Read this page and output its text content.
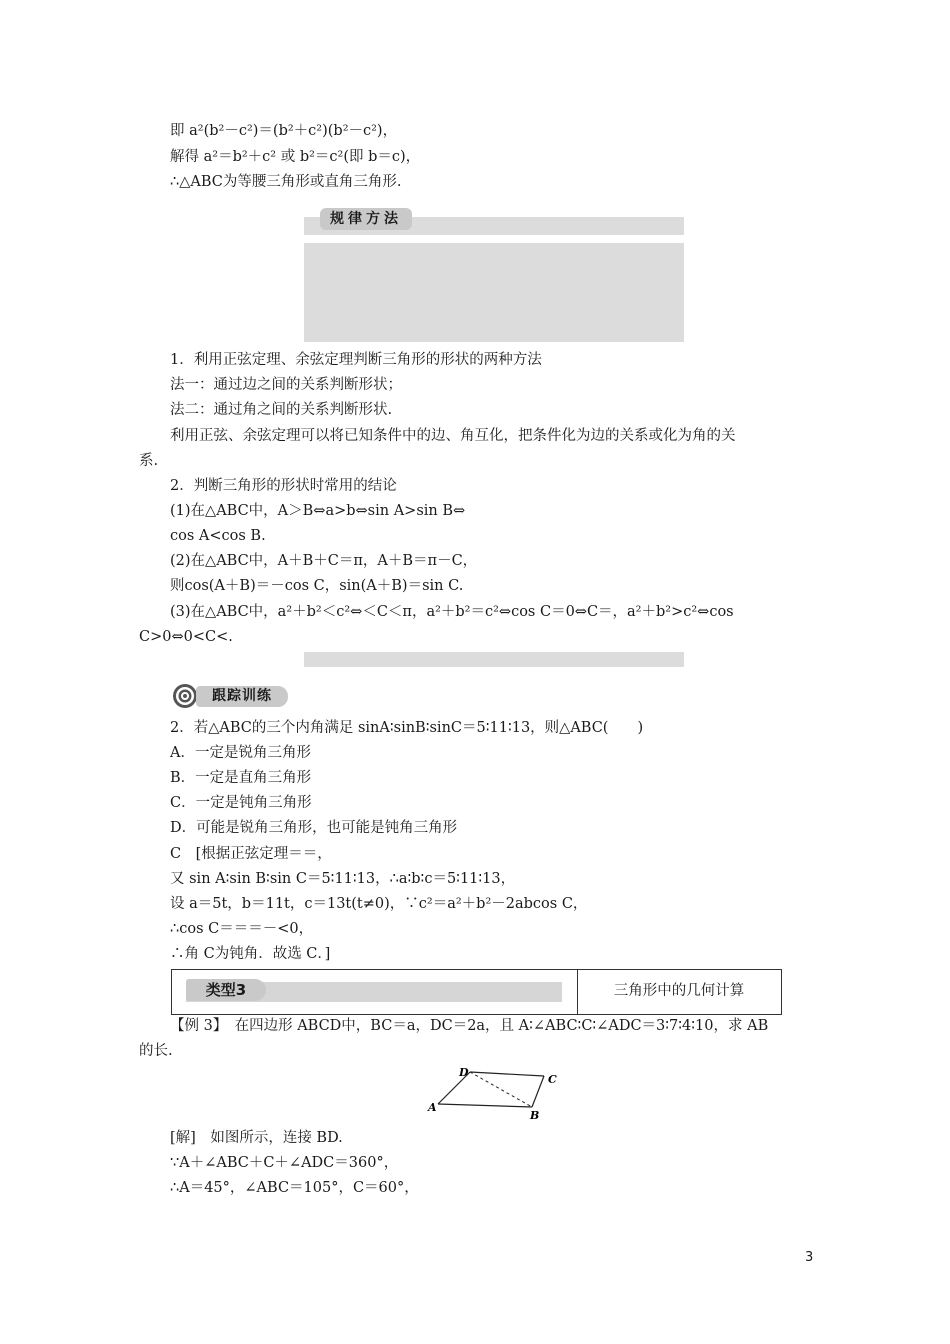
即 a²(b²－c²)＝(b²＋c²)(b²－c²)，
解得 a²＝b²＋c² 或 b²＝c²(即 b＝c)，
∴△ABC为等腰三角形或直角三角形.
规律方法
1．利用正弦定理、余弦定理判断三角形的形状的两种方法
法一：通过边之间的关系判断形状；
法二：通过角之间的关系判断形状.
利用正弦、余弦定理可以将已知条件中的边、角互化，把条件化为边的关系或化为角的关
系.
2．判断三角形的形状时常用的结论
(1)在△ABC中，A＞B⇔a>b⇔sin A>sin B⇔
cos A<cos B.
(2)在△ABC中，A＋B＋C＝π，A＋B＝π－C，
则cos(A＋B)＝－cos C，sin(A＋B)＝sin C.
(3)在△ABC中，a²＋b²＜c²⇔＜C＜π，a²＋b²＝c²⇔cos C＝0⇔C＝，a²＋b²>c²⇔cos
C>0⇔0<C<.
跟踪训练
2．若△ABC的三个内角满足 sinA∶sinB∶sinC＝5∶11∶13，则△ABC(　　)
A．一定是锐角三角形
B．一定是直角三角形
C．一定是钝角三角形
D．可能是锐角三角形，也可能是钝角三角形
C　[根据正弦定理＝＝，
又 sin A∶sin B∶sin C＝5∶11∶13，∴a∶b∶c＝5∶11∶13，
设 a＝5t，b＝11t，c＝13t(t≠0)，∵c²＝a²＋b²－2abcos C，
∴cos C＝＝＝－<0，
∴角 C为钝角．故选 C．]
类型3	三角形中的几何计算
【例 3】　在四边形 ABCD中，BC＝a，DC＝2a，且 A∶∠ABC∶C∶∠ADC＝3∶7∶4∶10，求 AB
的长.
A
D
C
B
[解]　如图所示，连接 BD.
∵A＋∠ABC＋C＋∠ADC＝360°，
∴A＝45°，∠ABC＝105°，C＝60°，
3
